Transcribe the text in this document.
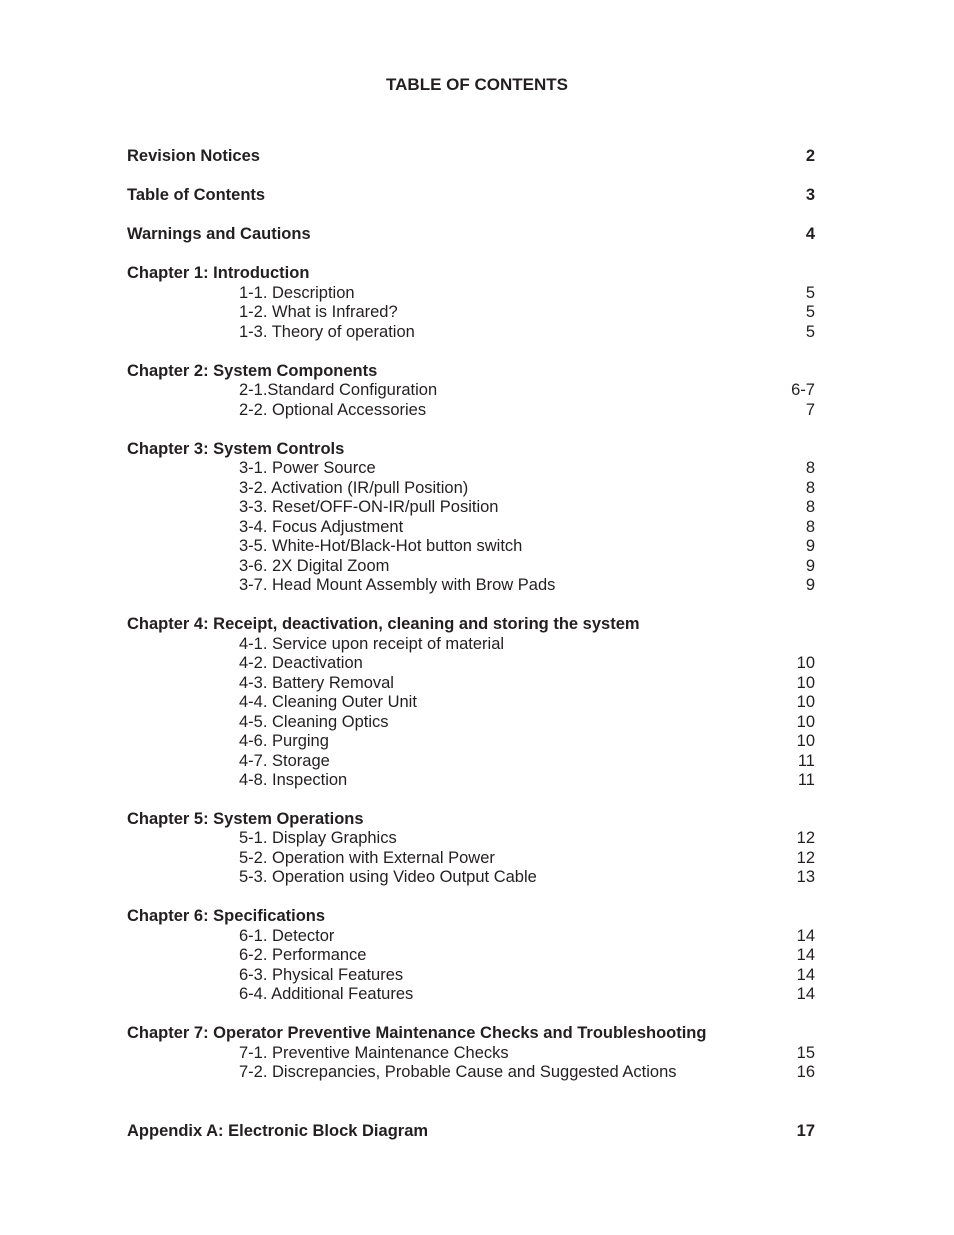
TABLE OF CONTENTS
Revision Notices	2
Table of Contents	3
Warnings and Cautions	4
Chapter 1: Introduction
1-1. Description	5
1-2. What is Infrared?	5
1-3. Theory of operation	5
Chapter 2: System Components
2-1.Standard Configuration	6-7
2-2. Optional Accessories	7
Chapter 3: System Controls
3-1. Power Source	8
3-2. Activation (IR/pull Position)	8
3-3. Reset/OFF-ON-IR/pull Position	8
3-4. Focus Adjustment	8
3-5. White-Hot/Black-Hot button switch	9
3-6. 2X Digital Zoom	9
3-7. Head Mount Assembly with Brow Pads	9
Chapter 4: Receipt, deactivation, cleaning and storing the system
4-1. Service upon receipt of material
4-2. Deactivation	10
4-3. Battery Removal	10
4-4. Cleaning Outer Unit	10
4-5. Cleaning Optics	10
4-6. Purging	10
4-7. Storage	11
4-8. Inspection	11
Chapter 5: System Operations
5-1. Display Graphics	12
5-2. Operation with External Power	12
5-3. Operation using Video Output Cable	13
Chapter 6: Specifications
6-1. Detector	14
6-2. Performance	14
6-3. Physical Features	14
6-4. Additional Features	14
Chapter 7: Operator Preventive Maintenance Checks and Troubleshooting
7-1. Preventive Maintenance Checks	15
7-2. Discrepancies, Probable Cause and Suggested Actions	16
Appendix A: Electronic Block Diagram	17
